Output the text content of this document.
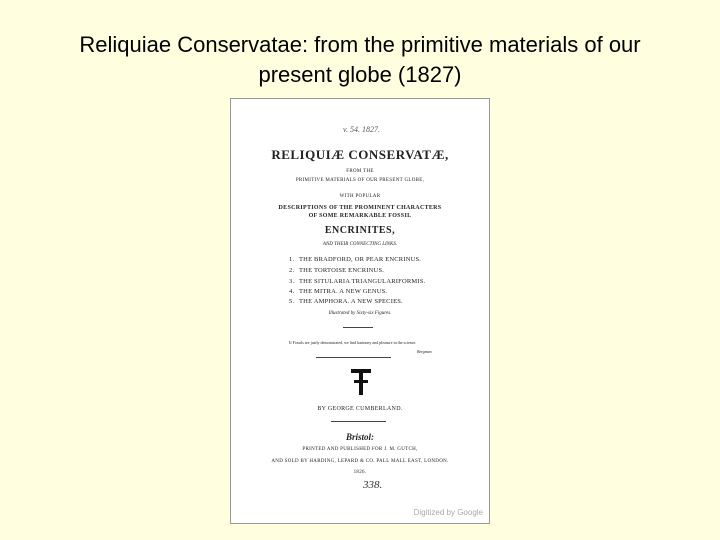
Reliquiae Conservatae: from the primitive materials of our
present globe (1827)
v. 54. 1827.
RELIQUIÆ CONSERVATÆ,
FROM THE
PRIMITIVE MATERIALS OF OUR PRESENT GLOBE,
WITH POPULAR
DESCRIPTIONS OF THE PROMINENT CHARACTERS
OF SOME REMARKABLE FOSSIL
ENCRINITES,
AND THEIR CONNECTING LINKS.
1. THE BRADFORD, OR PEAR ENCRINUS.
2. THE TORTOISE ENCRINUS.
3. THE SITULARIA TRIANGULARIFORMIS.
4. THE MITRA. A NEW GENUS.
5. THE AMPHORA. A NEW SPECIES.
Illustrated by Sixty-six Figures.
If Fossils are justly demonstrated, we find harmony and pleasure in the science.
Bergman.
BY GEORGE CUMBERLAND.
Bristol:
PRINTED AND PUBLISHED FOR J. M. GUTCH,
AND SOLD BY HARDING, LEPARD & CO. PALL MALL EAST, LONDON.
1826.
338.
Digitized by Google
